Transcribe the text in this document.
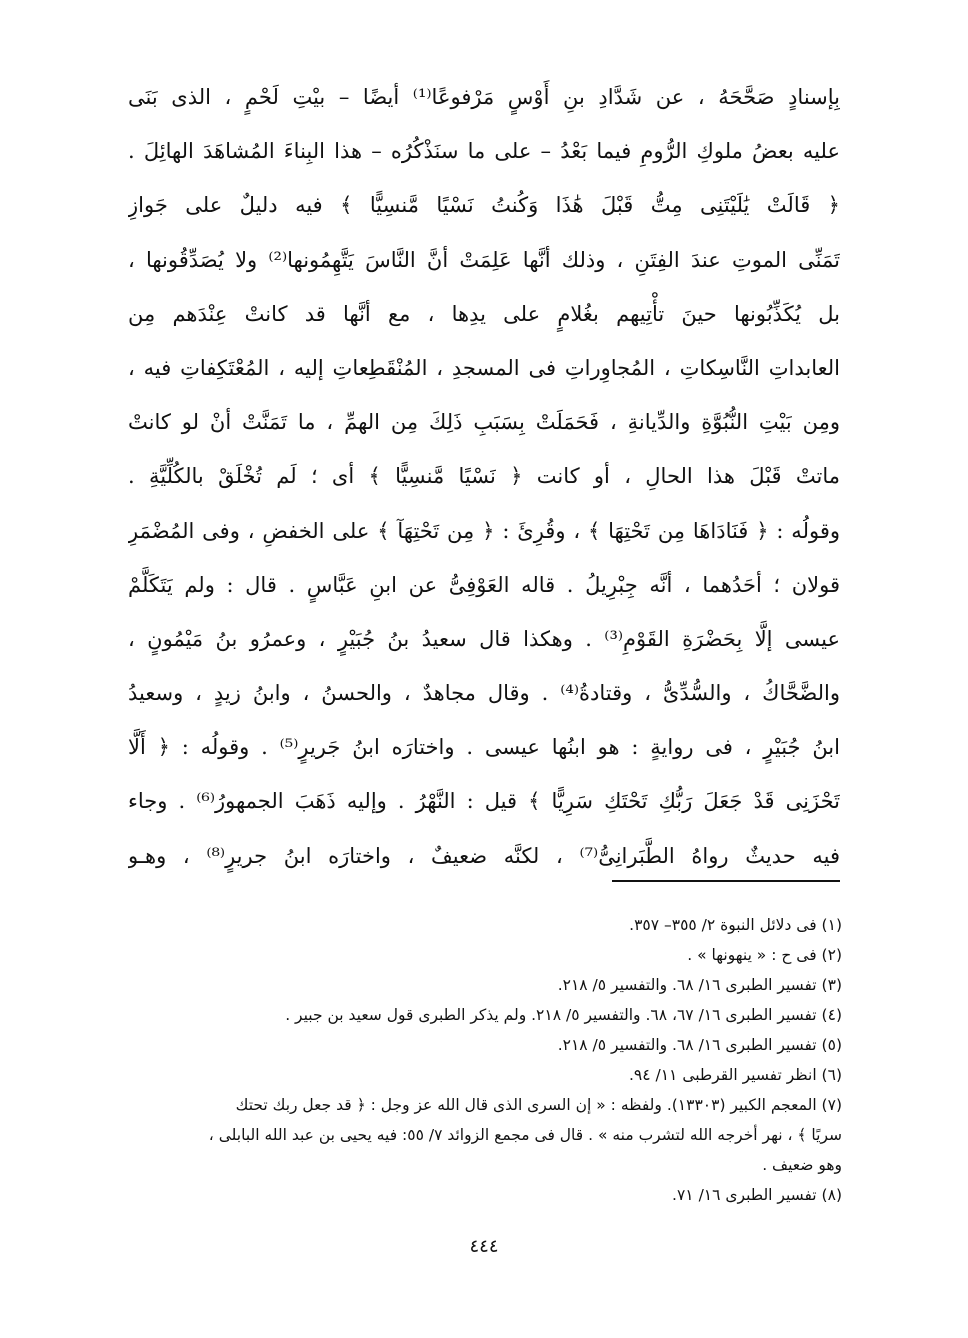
بِإسنادٍ صَحَّحَهُ ، عن شَدَّادِ بنِ أَوْسٍ مَرْفوعًا⁽¹⁾ أيضًا – بيْتِ لَحْمٍ ، الذى بَنَى
عليه بعضُ ملوكِ الرُّومِ فيما بَعْدُ – على ما سنَذْكُرُه – هذا البِناءَ المُشاهَدَ الهائِلَ .
﴿ قَالَتْ يَٰلَيْتَنِى مِتُّ قَبْلَ هَٰذَا وَكُنتُ نَسْيًا مَّنسِيًّا ﴾ فيه دليلٌ على جَوازِ
تَمَنِّى الموتِ عندَ الفِتَنِ ، وذلك أنَّها عَلِمَتْ أنَّ النَّاسَ يَتَّهِمُونها⁽²⁾ ولا يُصَدِّقُونها ،
بل يُكَذِّبُونها حينَ تأْتِيهم بغُلامٍ على يدِها ، مع أنَّها قد كانتْ عِنْدَهم مِن
العابداتِ النَّاسِكاتِ ، المُجاوِراتِ فى المسجدِ ، المُنْقَطِعاتِ إليه ، المُعْتَكِفاتِ فيه ،
ومِن بَيْتِ النُّبُوَّةِ والدِّيانةِ ، فَحَمَلَتْ بِسَبَبِ ذَلِكَ مِن الهمِّ ، ما تَمَنَّتْ أنْ لو كانتْ
ماتتْ قَبْلَ هذا الحالِ ، أو كانت ﴿ نَسْيًا مَّنسِيًّا ﴾ أى ؛ لَم تُخْلَقْ بالكُلِّيَّةِ .
وقولُه : ﴿ فَنَادَاهَا مِن تَحْتِهَا ﴾ ، وقُرِئَ : ﴿ مِن تَحْتِهَآ ﴾ على الخفضِ ، وفى المُضْمَرِ
قولان ؛ أحَدُهما ، أنَّه جِبْرِيلُ . قاله العَوْفِىُّ عن ابنِ عَبَّاسٍ . قال : ولم يَتَكَلَّمْ
عيسى إلَّا بِحَضْرَةِ القَوْمِ⁽³⁾ . وهكذا قال سعيدُ بنُ جُبَيْرٍ ، وعمرُو بنُ مَيْمُونٍ ،
والضَّحَّاكُ ، والسُّدِّىُّ ، وقتادةُ⁽⁴⁾ . وقال مجاهدٌ ، والحسنُ ، وابنُ زيدٍ ، وسعيدُ
ابنُ جُبَيْرٍ ، فى روايةٍ : هو ابنُها عيسى . واختارَه ابنُ جَريرٍ⁽⁵⁾ . وقولُه : ﴿ أَلَّا
تَحْزَنِى قَدْ جَعَلَ رَبُّكِ تَحْتَكِ سَرِيًّا ﴾ قيل : النَّهْرُ . وإليه ذَهَبَ الجمهورُ⁽⁶⁾ . وجاء
فيه حديثٌ رواهُ الطَّبَرانِىُّ⁽⁷⁾ ، لكنَّه ضعيفٌ ، واختارَه ابنُ جريرٍ⁽⁸⁾ ، وهـو
(١) فى دلائل النبوة ٢/ ٣٥٥– ٣٥٧.
(٢) فى ح : « ينهونها » .
(٣) تفسير الطبرى ١٦/ ٦٨. والتفسير ٥/ ٢١٨.
(٤) تفسير الطبرى ١٦/ ٦٧، ٦٨. والتفسير ٥/ ٢١٨. ولم يذكر الطبرى قول سعيد بن جبير .
(٥) تفسير الطبرى ١٦/ ٦٨. والتفسير ٥/ ٢١٨.
(٦) انظر تفسير القرطبى ١١/ ٩٤.
(٧) المعجم الكبير (١٣٣٠٣). ولفظه : « إن السرى الذى قال الله عز وجل : ﴿ قد جعل ربك تحتك
سريًا ﴾ ، نهر أخرجه الله لتشرب منه » . قال فى مجمع الزوائد ٧/ ٥٥: فيه يحيى بن عبد الله البابلى ،
وهو ضعيف .
(٨) تفسير الطبرى ١٦/ ٧١.
٤٤٤
